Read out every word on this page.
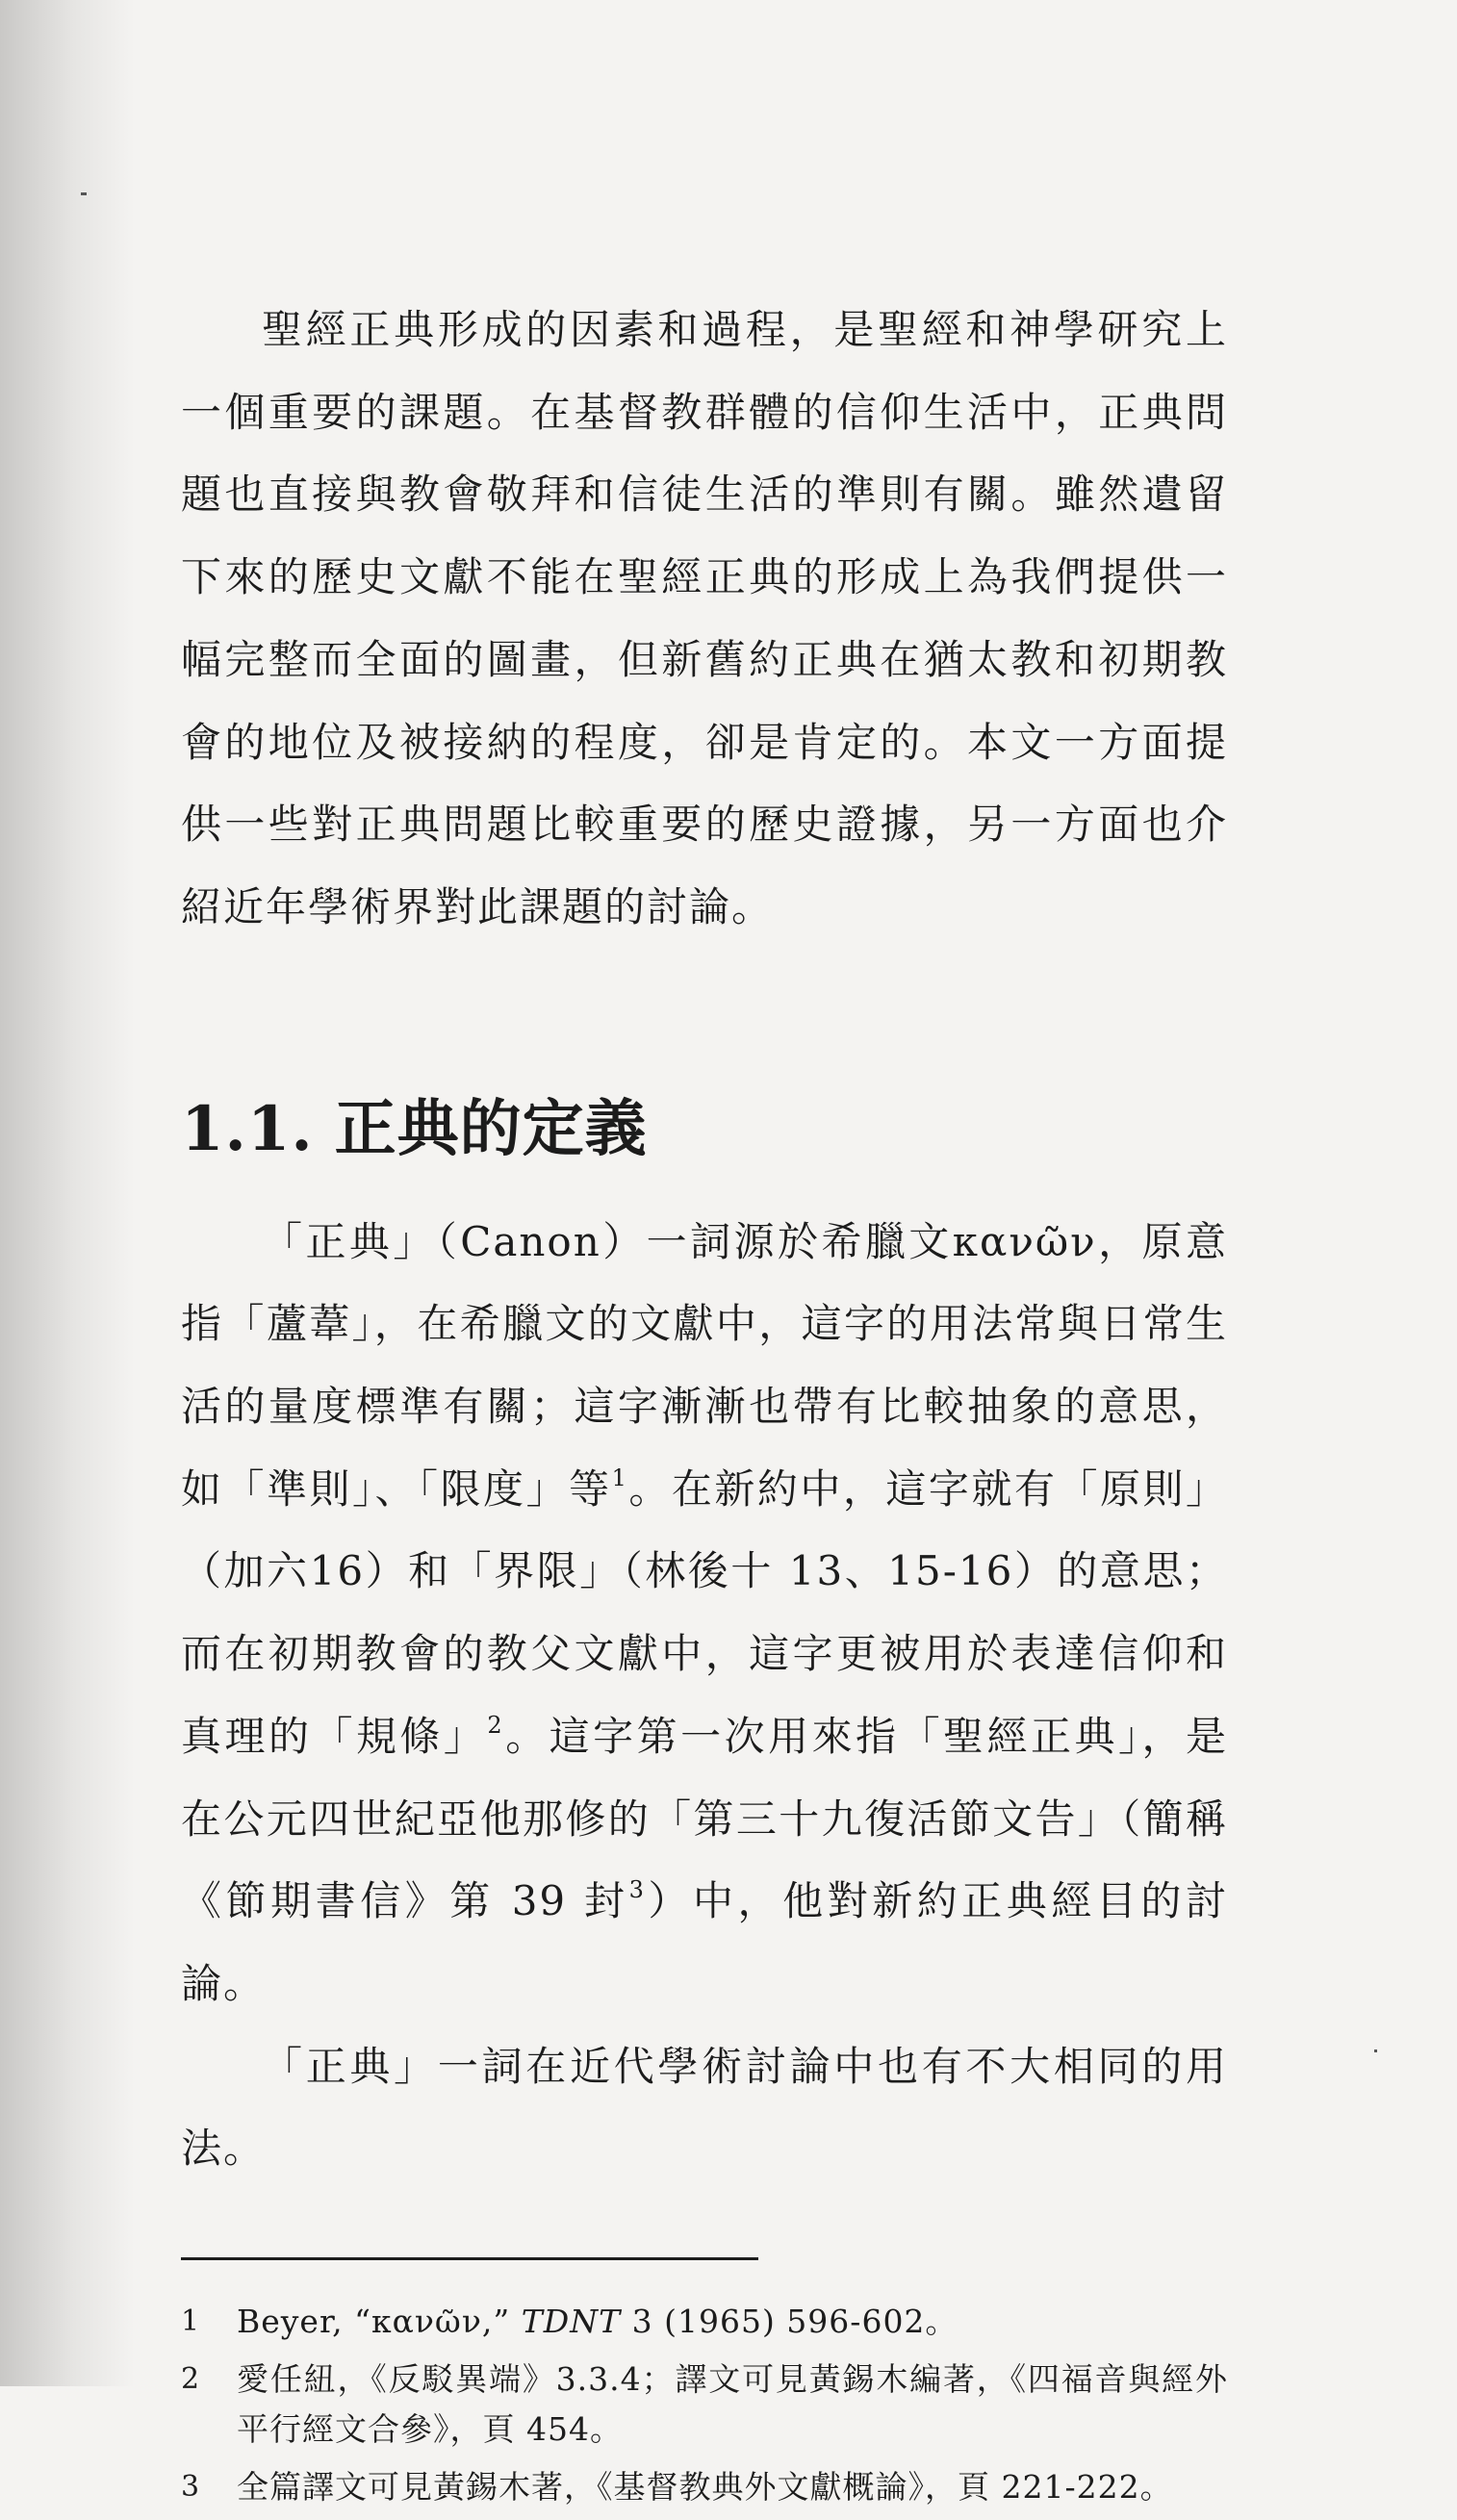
聖經正典形成的因素和過程，是聖經和神學研究上一個重要的課題。在基督教群體的信仰生活中，正典問題也直接與教會敬拜和信徒生活的準則有關。雖然遺留下來的歷史文獻不能在聖經正典的形成上為我們提供一幅完整而全面的圖畫，但新舊約正典在猶太教和初期教會的地位及被接納的程度，卻是肯定的。本文一方面提供一些對正典問題比較重要的歷史證據，另一方面也介紹近年學術界對此課題的討論。

1.1. 正典的定義

「正典」（Canon）一詞源於希臘文κανῶν，原意指「蘆葦」，在希臘文的文獻中，這字的用法常與日常生活的量度標準有關；這字漸漸也帶有比較抽象的意思，如「準則」、「限度」等$^1$。在新約中，這字就有「原則」（加六16）和「界限」（林後十 13、15-16）的意思；而在初期教會的教父文獻中，這字更被用於表達信仰和真理的「規條」$^2$。這字第一次用來指「聖經正典」，是在公元四世紀亞他那修的「第三十九復活節文告」（簡稱《節期書信》第 39 封$^3$）中，他對新約正典經目的討論。

「正典」一詞在近代學術討論中也有不大相同的用法。

1	Beyer, “κανῶν,” TDNT 3 (1965) 596-602。
2	愛任紐，《反駁異端》3.3.4；譯文可見黃錫木編著，《四福音與經外平行經文合參》，頁 454。
3	全篇譯文可見黃錫木著，《基督教典外文獻概論》，頁 221-222。
